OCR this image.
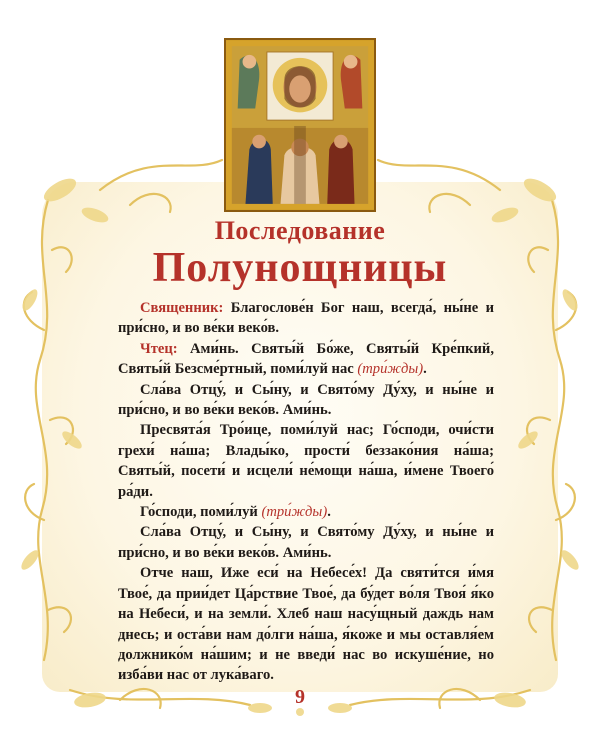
Последование
Полунощницы

Священник: Благослове́н Бог наш, всегда́, ны́не и при́сно, и во ве́ки веко́в.

Чтец: Ами́нь. Святы́й Бо́же, Святы́й Кре́пкий, Святы́й Безсме́ртный, поми́луй нас (три́жды).

Сла́ва Отцу́, и Сы́ну, и Свято́му Ду́ху, и ны́не и при́сно, и во ве́ки веко́в. Ами́нь.

Пресвята́я Тро́ице, поми́луй нас; Го́споди, очи́сти грехи́ на́ша; Влады́ко, прости́ беззако́ния на́ша; Святы́й, посети́ и исцели́ не́мощи на́ша, и́мене Твоего́ ра́ди.

Го́споди, поми́луй (три́жды).

Сла́ва Отцу́, и Сы́ну, и Свято́му Ду́ху, и ны́не и при́сно, и во ве́ки веко́в. Ами́нь.

Отче наш, Иже еси́ на Небесе́х! Да святи́тся и́мя Твое́, да прии́дет Ца́рствие Твое́, да бу́дет во́ля Твоя́ я́ко на Небеси́, и на земли́. Хлеб наш насу́щный даждь нам днесь; и оста́ви нам до́лги на́ша, я́коже и мы оставля́ем должнико́м на́шим; и не введи́ нас во искуше́ние, но изба́ви нас от лука́ваго.

9
